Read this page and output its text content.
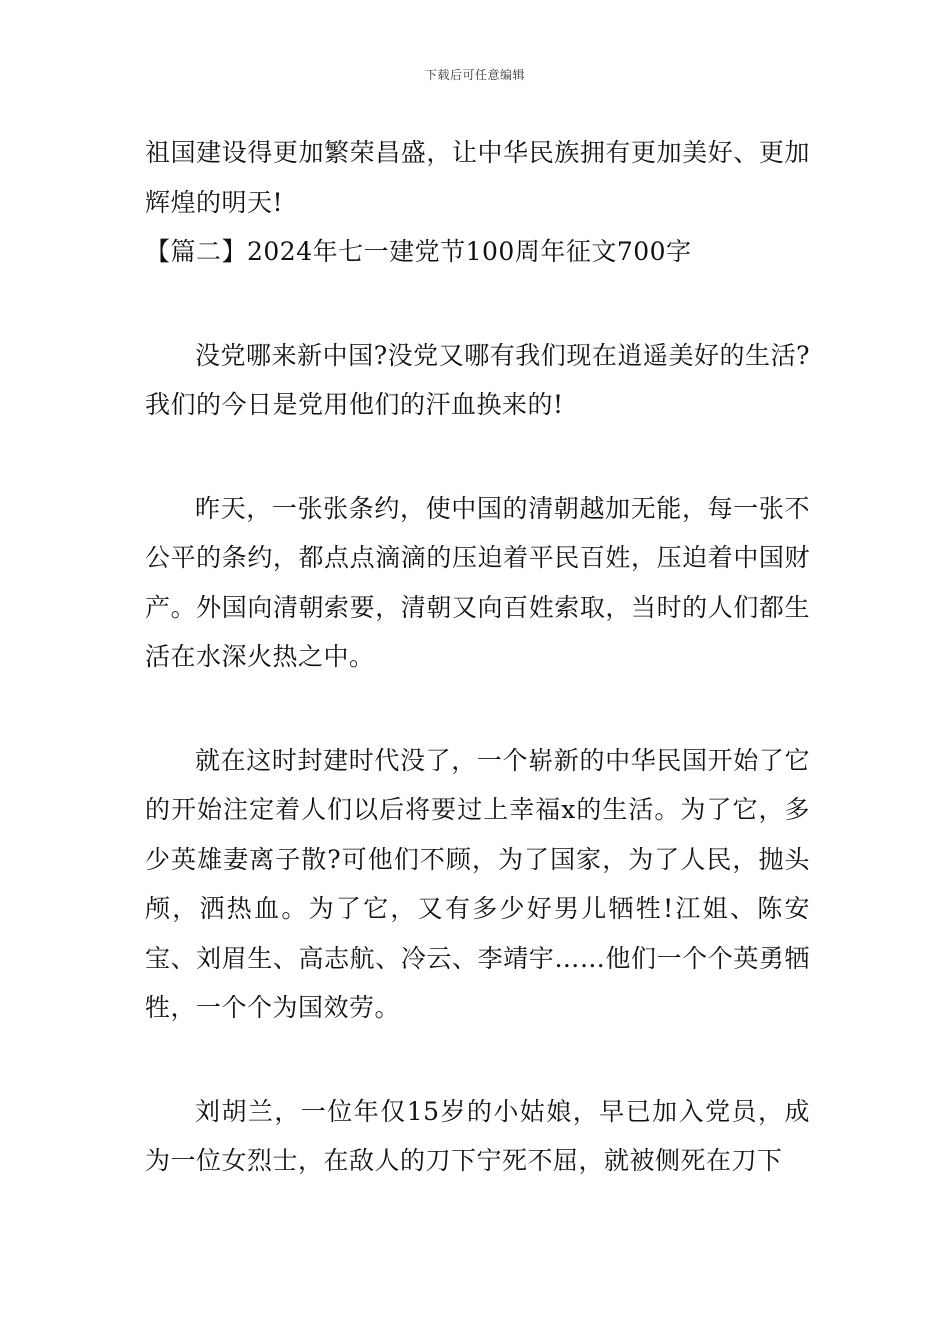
下载后可任意编辑

祖国建设得更加繁荣昌盛，让中华民族拥有更加美好、更加辉煌的明天!

【篇二】2024年七一建党节100周年征文700字

没党哪来新中国?没党又哪有我们现在逍遥美好的生活?我们的今日是党用他们的汗血换来的!

昨天，一张张条约，使中国的清朝越加无能，每一张不公平的条约，都点点滴滴的压迫着平民百姓，压迫着中国财产。外国向清朝索要，清朝又向百姓索取，当时的人们都生活在水深火热之中。

就在这时封建时代没了，一个崭新的中华民国开始了它的开始注定着人们以后将要过上幸福x的生活。为了它，多少英雄妻离子散?可他们不顾，为了国家，为了人民，抛头颅，洒热血。为了它，又有多少好男儿牺牲!江姐、陈安宝、刘眉生、高志航、冷云、李靖宇……他们一个个英勇牺牲，一个个为国效劳。

刘胡兰，一位年仅15岁的小姑娘，早已加入党员，成为一位女烈士，在敌人的刀下宁死不屈，就被侧死在刀下
